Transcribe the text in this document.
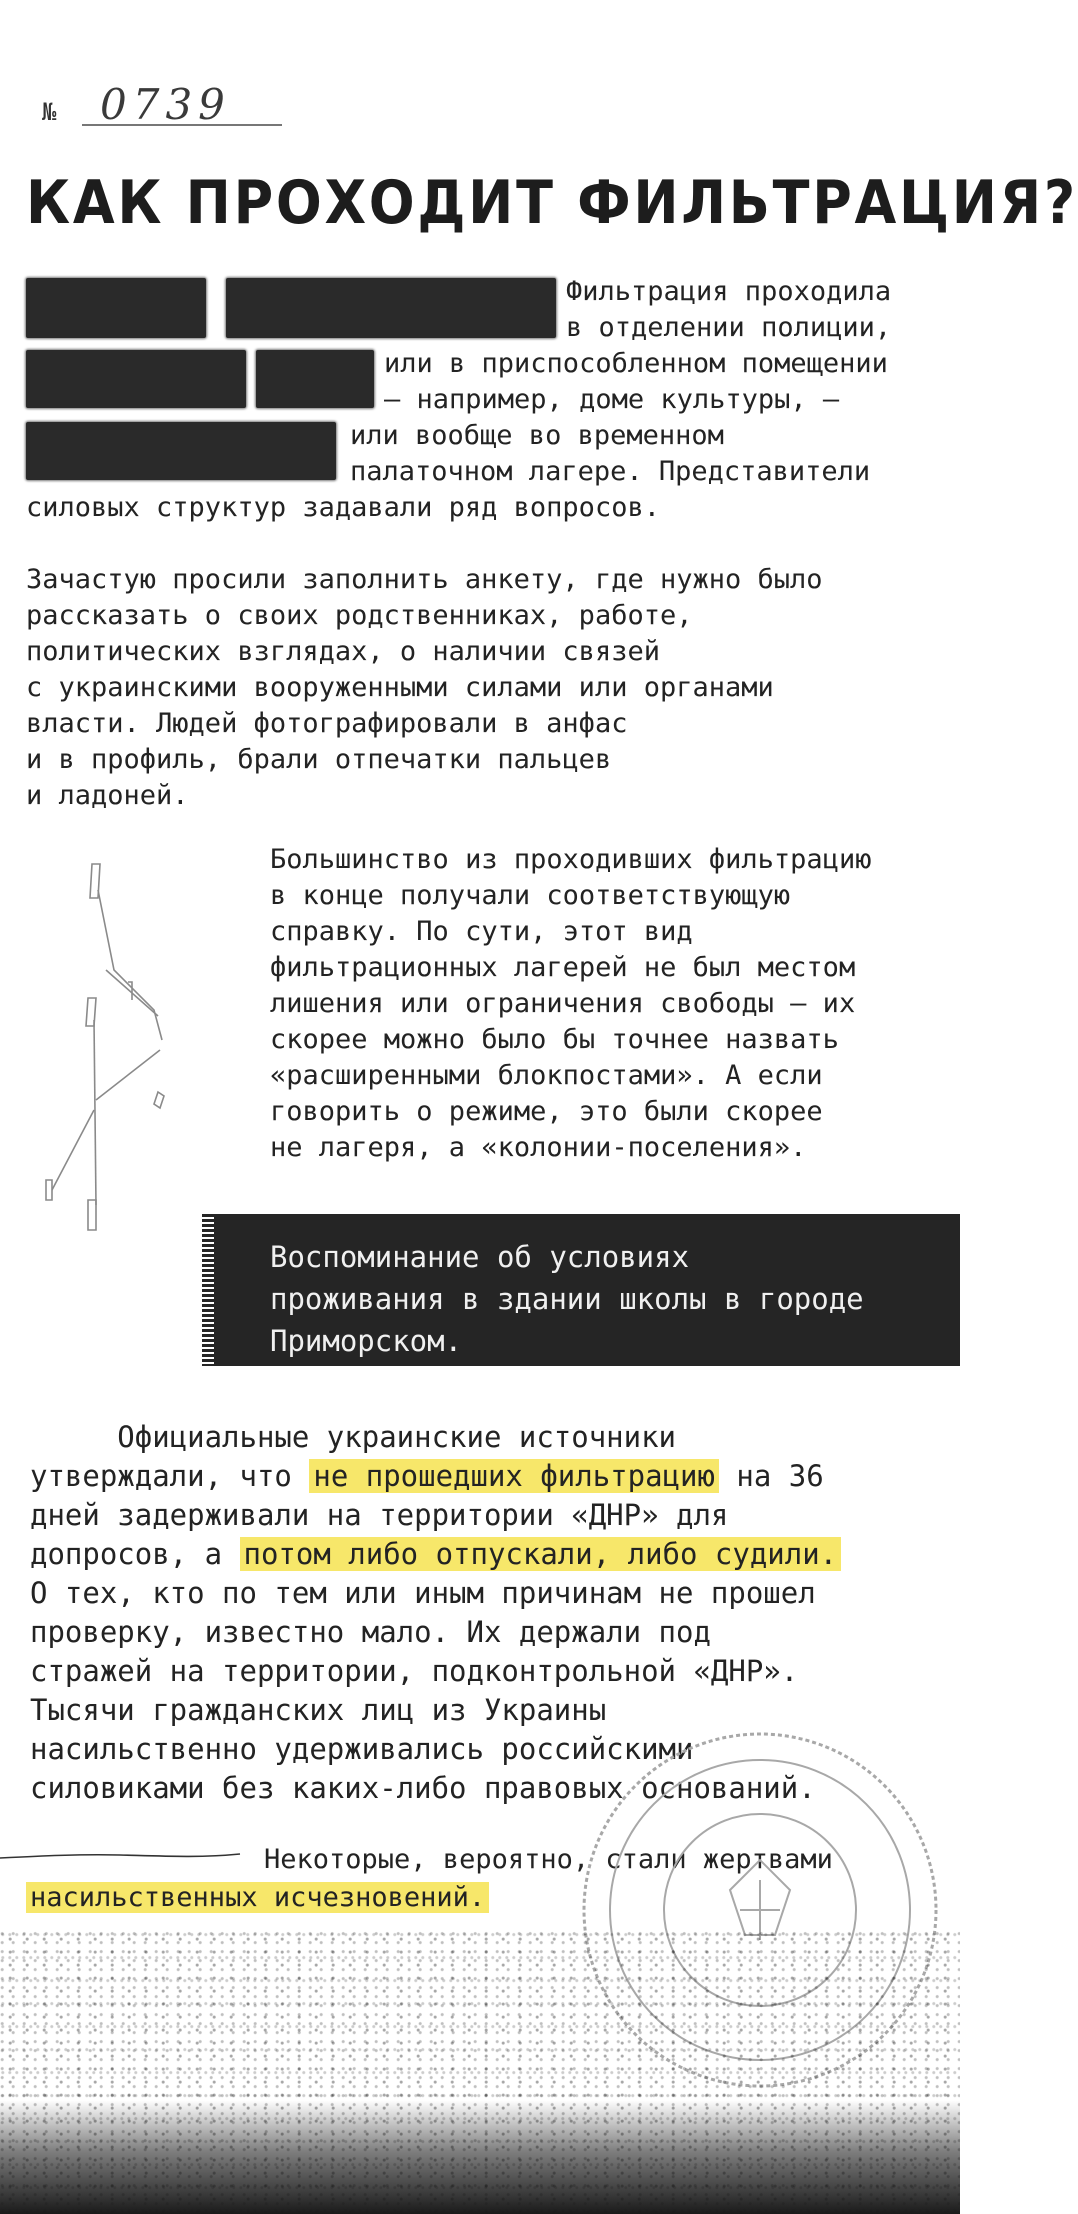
№ 0739
КАК ПРОХОДИТ ФИЛЬТРАЦИЯ?

Фильтрация проходила

в отделении полиции,

или в приспособленном помещении

— например, доме культуры, —

или вообще во временном

палаточном лагере. Представители

силовых структур задавали ряд вопросов.

Зачастую просили заполнить анкету, где нужно было
рассказать о своих родственниках, работе,
политических взглядах, о наличии связей
с украинскими вооруженными силами или органами
власти. Людей фотографировали в анфас
и в профиль, брали отпечатки пальцев
и ладоней.

Большинство из проходивших фильтрацию
в конце получали соответствующую
справку. По сути, этот вид
фильтрационных лагерей не был местом
лишения или ограничения свободы — их
скорее можно было бы точнее назвать
«расширенными блокпостами». А если
говорить о режиме, это были скорее
не лагеря, а «колонии-поселения».

Воспоминание об условиях
проживания в здании школы в городе
Приморском.

Официальные украинские источники

утверждали, что не прошедших фильтрацию на 36

дней задерживали на территории «ДНР» для

допросов, а потом либо отпускали, либо судили.

О тех, кто по тем или иным причинам не прошел
проверку, известно мало. Их держали под
стражей на территории, подконтрольной «ДНР».
Тысячи гражданских лиц из Украины
насильственно удерживались российскими
силовиками без каких-либо правовых оснований.

Некоторые, вероятно, стали жертвами

насильственных исчезновений.
